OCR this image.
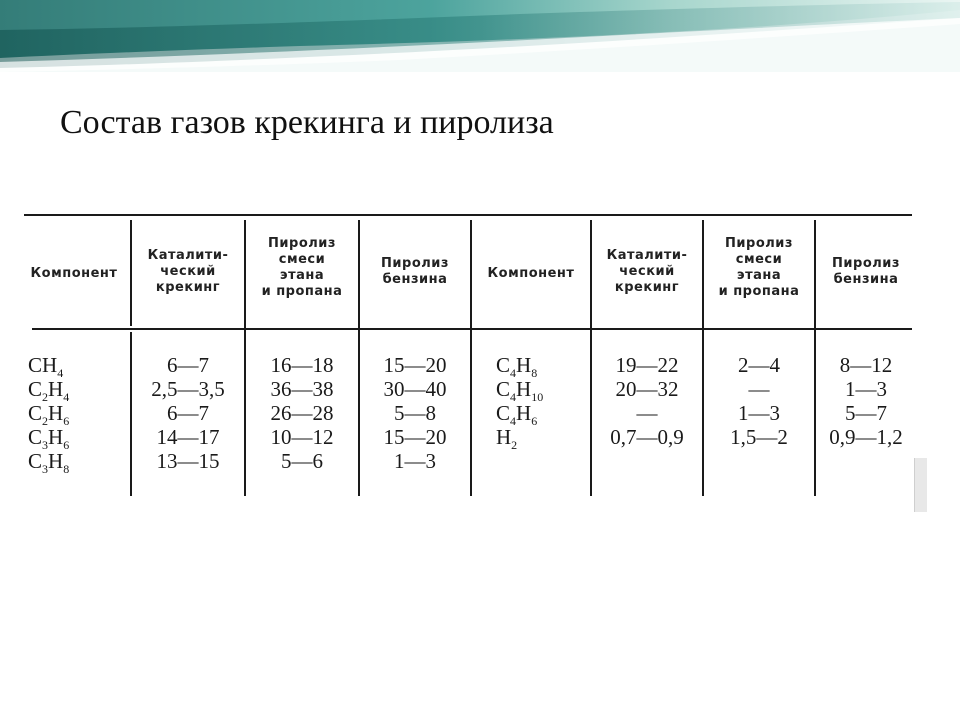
Состав газов крекинга и пиролиза
Компонент
Каталити-
ческий
крекинг
Пиролиз
смеси
этана
и пропана
Пиролиз
бензина	Компонент
Каталити-
ческий
крекинг
Пиролиз
смеси
этана
и пропана
Пиролиз
бензина
$CH_4$
$C_2H_4$
$C_2H_6$
$C_3H_6$
$C_3H_8$
6—7
2,5—3,5
6—7
14—17
13—15
16—18
36—38
26—28
10—12
5—6
15—20
30—40
5—8
15—20
1—3
$C_4H_8$
$C_4H_{10}$
$C_4H_6$
$H_2$
19—22
20—32
—
0,7—0,9
2—4
—
1—3
1,5—2
8—12
1—3
5—7
0,9—1,2
